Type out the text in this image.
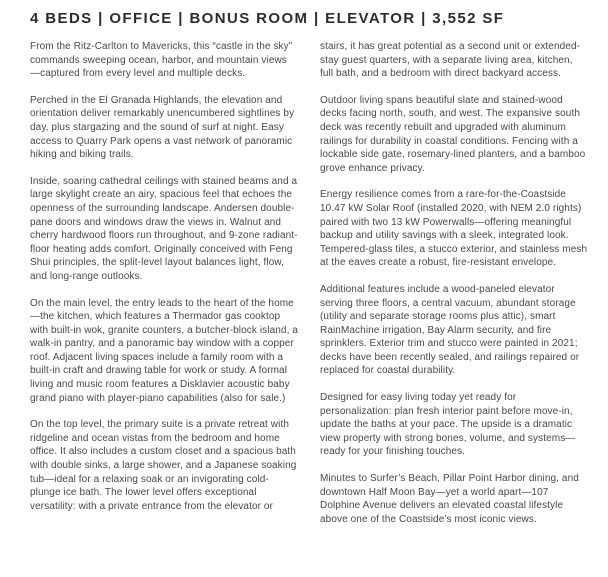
4 BEDS | OFFICE | BONUS ROOM | ELEVATOR | 3,552 SF

From the Ritz-Carlton to Mavericks, this “castle in the sky” commands sweeping ocean, harbor, and mountain views —captured from every level and multiple decks.

Perched in the El Granada Highlands, the elevation and orientation deliver remarkably unencumbered sightlines by day, plus stargazing and the sound of surf at night. Easy access to Quarry Park opens a vast network of panoramic hiking and biking trails.

Inside, soaring cathedral ceilings with stained beams and a large skylight create an airy, spacious feel that echoes the openness of the surrounding landscape. Andersen double-pane doors and windows draw the views in. Walnut and cherry hardwood floors run throughout, and 9-zone radiant-floor heating adds comfort. Originally conceived with Feng Shui principles, the split-level layout balances light, flow, and long-range outlooks.

On the main level, the entry leads to the heart of the home—the kitchen, which features a Thermador gas cooktop with built-in wok, granite counters, a butcher-block island, a walk-in pantry, and a panoramic bay window with a copper roof. Adjacent living spaces include a family room with a built-in craft and drawing table for work or study. A formal living and music room features a Disklavier acoustic baby grand piano with player-piano capabilities (also for sale.)

On the top level, the primary suite is a private retreat with ridgeline and ocean vistas from the bedroom and home office. It also includes a custom closet and a spacious bath with double sinks, a large shower, and a Japanese soaking tub—ideal for a relaxing soak or an invigorating cold-plunge ice bath. The lower level offers exceptional versatility: with a private entrance from the elevator or

stairs, it has great potential as a second unit or extended-stay guest quarters, with a separate living area, kitchen, full bath, and a bedroom with direct backyard access.

Outdoor living spans beautiful slate and stained-wood decks facing north, south, and west. The expansive south deck was recently rebuilt and upgraded with aluminum railings for durability in coastal conditions. Fencing with a lockable side gate, rosemary-lined planters, and a bamboo grove enhance privacy.

Energy resilience comes from a rare-for-the-Coastside 10.47 kW Solar Roof (installed 2020, with NEM 2.0 rights) paired with two 13 kW Powerwalls—offering meaningful backup and utility savings with a sleek, integrated look. Tempered-glass tiles, a stucco exterior, and stainless mesh at the eaves create a robust, fire-resistant envelope.

Additional features include a wood-paneled elevator serving three floors, a central vacuum, abundant storage (utility and separate storage rooms plus attic), smart RainMachine irrigation, Bay Alarm security, and fire sprinklers. Exterior trim and stucco were painted in 2021; decks have been recently sealed, and railings repaired or replaced for coastal durability.

Designed for easy living today yet ready for personalization: plan fresh interior paint before move-in, update the baths at your pace. The upside is a dramatic view property with strong bones, volume, and systems—ready for your finishing touches.

Minutes to Surfer’s Beach, Pillar Point Harbor dining, and downtown Half Moon Bay—yet a world apart—107 Dolphine Avenue delivers an elevated coastal lifestyle above one of the Coastside’s most iconic views.
